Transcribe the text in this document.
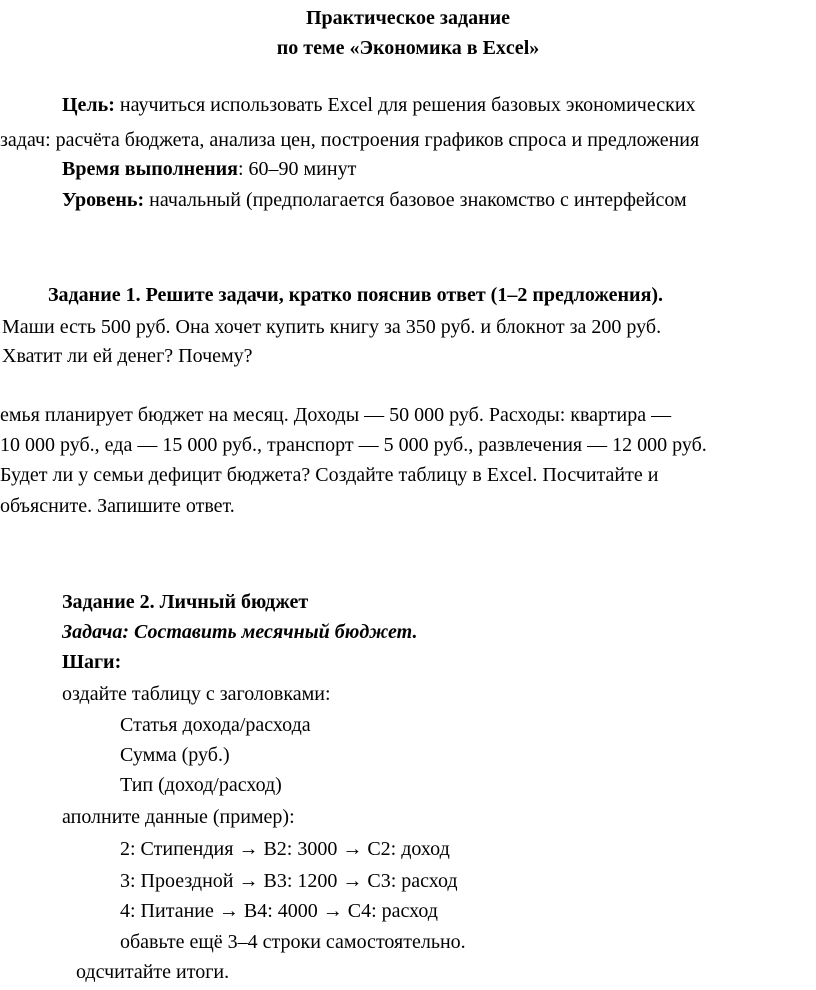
Практическое задание
по теме «Экономика в Excel»
Цель: научиться использовать Excel для решения базовых экономических
задач: расчёта бюджета, анализа цен, построения графиков спроса и предложения
Время выполнения: 60–90 минут
Уровень: начальный (предполагается базовое знакомство с интерфейсом
Задание 1. Решите задачи, кратко пояснив ответ (1–2 предложения).
Маши есть 500 руб. Она хочет купить книгу за 350 руб. и блокнот за 200 руб.
Хватит ли ей денег? Почему?
емья планирует бюджет на месяц. Доходы — 50 000 руб. Расходы: квартира —
10 000 руб., еда — 15 000 руб., транспорт — 5 000 руб., развлечения — 12 000 руб.
Будет ли у семьи дефицит бюджета? Создайте таблицу в Excel. Посчитайте и
объясните. Запишите ответ.
Задание 2. Личный бюджет
Задача: Составить месячный бюджет.
Шаги:
оздайте таблицу с заголовками:
Статья дохода/расхода
Сумма (руб.)
Тип (доход/расход)
аполните данные (пример):
2: Стипендия → B2: 3000 → C2: доход
3: Проездной → B3: 1200 → C3: расход
4: Питание → B4: 4000 → C4: расход
обавьте ещё 3–4 строки самостоятельно.
одсчитайте итоги.
